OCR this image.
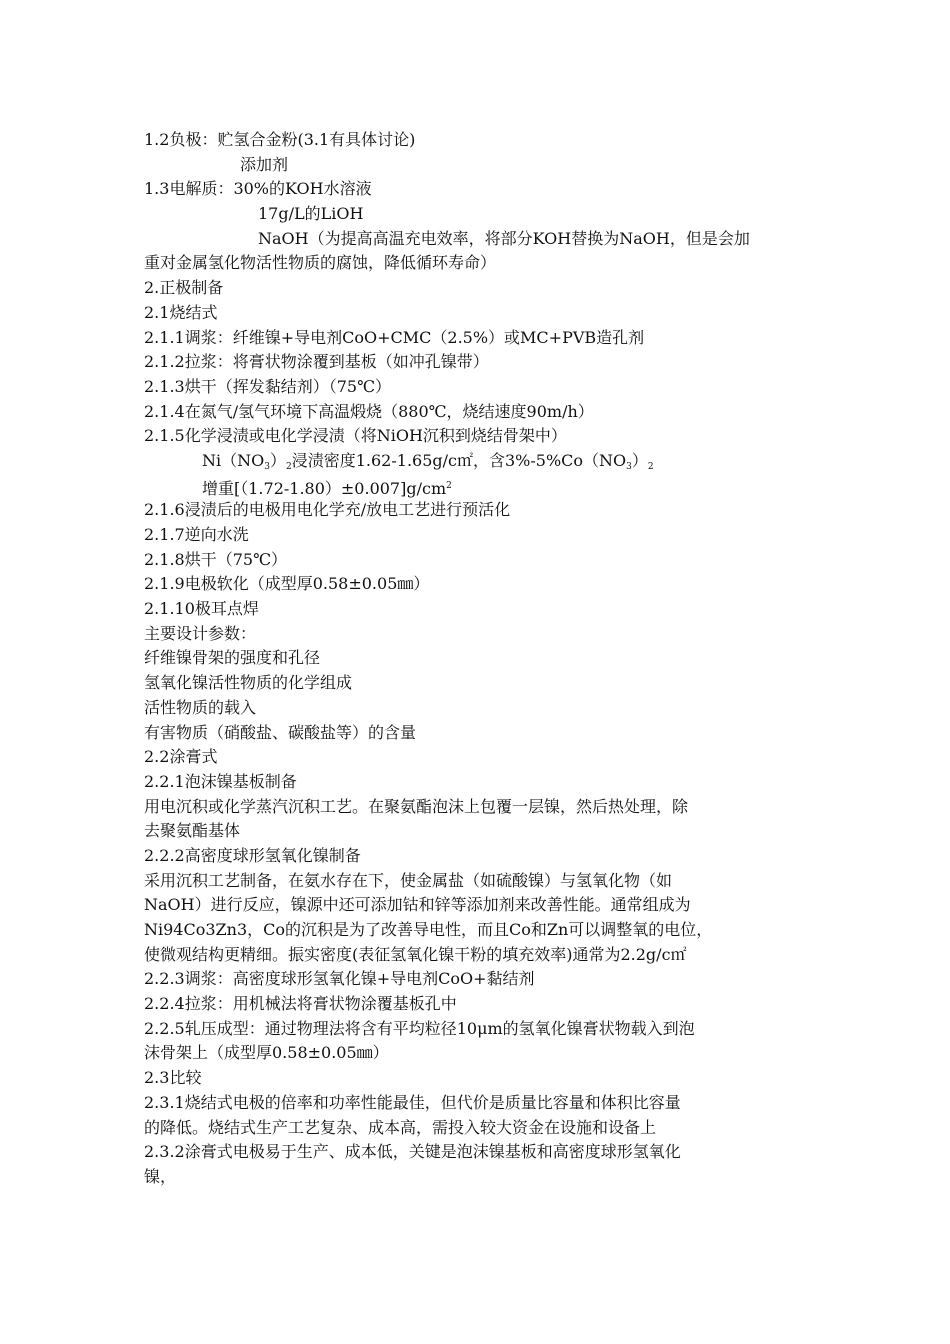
1.2负极：贮氢合金粉(3.1有具体讨论)
添加剂
1.3电解质：30%的KOH水溶液
17g/L的LiOH
NaOH（为提高高温充电效率，将部分KOH替换为NaOH，但是会加
重对金属氢化物活性物质的腐蚀，降低循环寿命）
2.正极制备
2.1烧结式
2.1.1调浆：纤维镍+导电剂CoO+CMC（2.5%）或MC+PVB造孔剂
2.1.2拉浆：将膏状物涂覆到基板（如冲孔镍带）
2.1.3烘干（挥发黏结剂）（75℃）
2.1.4在氮气/氢气环境下高温煅烧（880℃，烧结速度90m/h）
2.1.5化学浸渍或电化学浸渍（将NiOH沉积到烧结骨架中）
$Ni(NO_3)_2$浸渍密度1.62-1.65g/c㎡，含$3\%-5\%Co(NO_3)_2$
增重$[(1.72-1.80)\pm 0.007]g/cm^2$
2.1.6浸渍后的电极用电化学充/放电工艺进行预活化
2.1.7逆向水洗
2.1.8烘干（75℃）
2.1.9电极软化（成型厚0.58±0.05㎜）
2.1.10极耳点焊
主要设计参数：
纤维镍骨架的强度和孔径
氢氧化镍活性物质的化学组成
活性物质的载入
有害物质（硝酸盐、碳酸盐等）的含量
2.2涂膏式
2.2.1泡沫镍基板制备
用电沉积或化学蒸汽沉积工艺。在聚氨酯泡沫上包覆一层镍，然后热处理，除
去聚氨酯基体
2.2.2高密度球形氢氧化镍制备
采用沉积工艺制备，在氨水存在下，使金属盐（如硫酸镍）与氢氧化物（如
NaOH）进行反应，镍源中还可添加钴和锌等添加剂来改善性能。通常组成为
Ni94Co3Zn3，Co的沉积是为了改善导电性，而且Co和Zn可以调整氧的电位，
使微观结构更精细。振实密度(表征氢氧化镍干粉的填充效率)通常为2.2g/c㎡
2.2.3调浆：高密度球形氢氧化镍+导电剂CoO+黏结剂
2.2.4拉浆：用机械法将膏状物涂覆基板孔中
2.2.5轧压成型：通过物理法将含有平均粒径10μm的氢氧化镍膏状物载入到泡
沫骨架上（成型厚0.58±0.05㎜）
2.3比较
2.3.1烧结式电极的倍率和功率性能最佳，但代价是质量比容量和体积比容量
的降低。烧结式生产工艺复杂、成本高，需投入较大资金在设施和设备上
2.3.2涂膏式电极易于生产、成本低，关键是泡沫镍基板和高密度球形氢氧化
镍，
